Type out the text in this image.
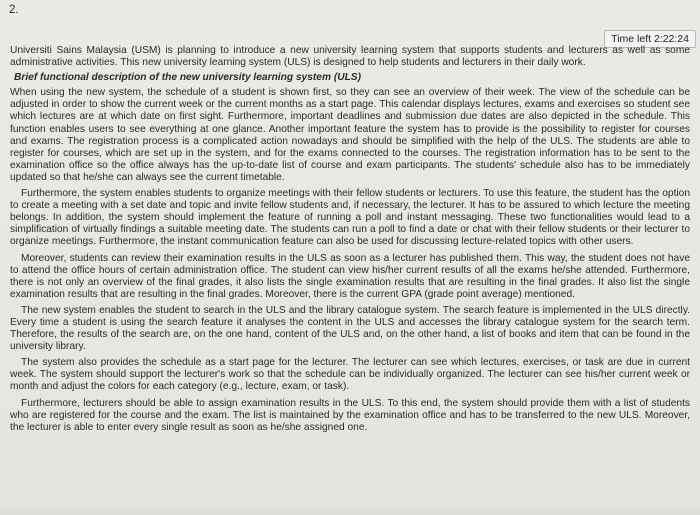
2.
Time left 2:22:24

Universiti Sains Malaysia (USM) is planning to introduce a new university learning system that supports students and lecturers as well as some administrative activities. This new university learning system (ULS) is designed to help students and lecturers in their daily work.

Brief functional description of the new university learning system (ULS)

When using the new system, the schedule of a student is shown first, so they can see an overview of their week. The view of the schedule can be adjusted in order to show the current week or the current months as a start page. This calendar displays lectures, exams and exercises so student see which lectures are at which date on first sight. Furthermore, important deadlines and submission due dates are also depicted in the schedule. This function enables users to see everything at one glance. Another important feature the system has to provide is the possibility to register for courses and exams. The registration process is a complicated action nowadays and should be simplified with the help of the ULS. The students are able to register for courses, which are set up in the system, and for the exams connected to the courses. The registration information has to be sent to the examination office so the office always has the up-to-date list of course and exam participants. The students' schedule also has to be immediately updated so that he/she can always see the current timetable.

Furthermore, the system enables students to organize meetings with their fellow students or lecturers. To use this feature, the student has the option to create a meeting with a set date and topic and invite fellow students and, if necessary, the lecturer. It has to be assured to which lecture the meeting belongs. In addition, the system should implement the feature of running a poll and instant messaging. These two functionalities would lead to a simplification of virtually findings a suitable meeting date. The students can run a poll to find a date or chat with their fellow students or their lecturer to organize meetings. Furthermore, the instant communication feature can also be used for discussing lecture-related topics with other users.

Moreover, students can review their examination results in the ULS as soon as a lecturer has published them. This way, the student does not have to attend the office hours of certain administration office. The student can view his/her current results of all the exams he/she attended. Furthermore, there is not only an overview of the final grades, it also lists the single examination results that are resulting in the final grades. It also list the single examination results that are resulting in the final grades. Moreover, there is the current GPA (grade point average) mentioned.

The new system enables the student to search in the ULS and the library catalogue system. The search feature is implemented in the ULS directly. Every time a student is using the search feature it analyses the content in the ULS and accesses the library catalogue system for the search term. Therefore, the results of the search are, on the one hand, content of the ULS and, on the other hand, a list of books and item that can be found in the university library.

The system also provides the schedule as a start page for the lecturer. The lecturer can see which lectures, exercises, or task are due in current week. The system should support the lecturer's work so that the schedule can be individually organized. The lecturer can see his/her current week or month and adjust the colors for each category (e.g., lecture, exam, or task).

Furthermore, lecturers should be able to assign examination results in the ULS. To this end, the system should provide them with a list of students who are registered for the course and the exam. The list is maintained by the examination office and has to be transferred to the new ULS. Moreover, the lecturer is able to enter every single result as soon as he/she assigned one.
